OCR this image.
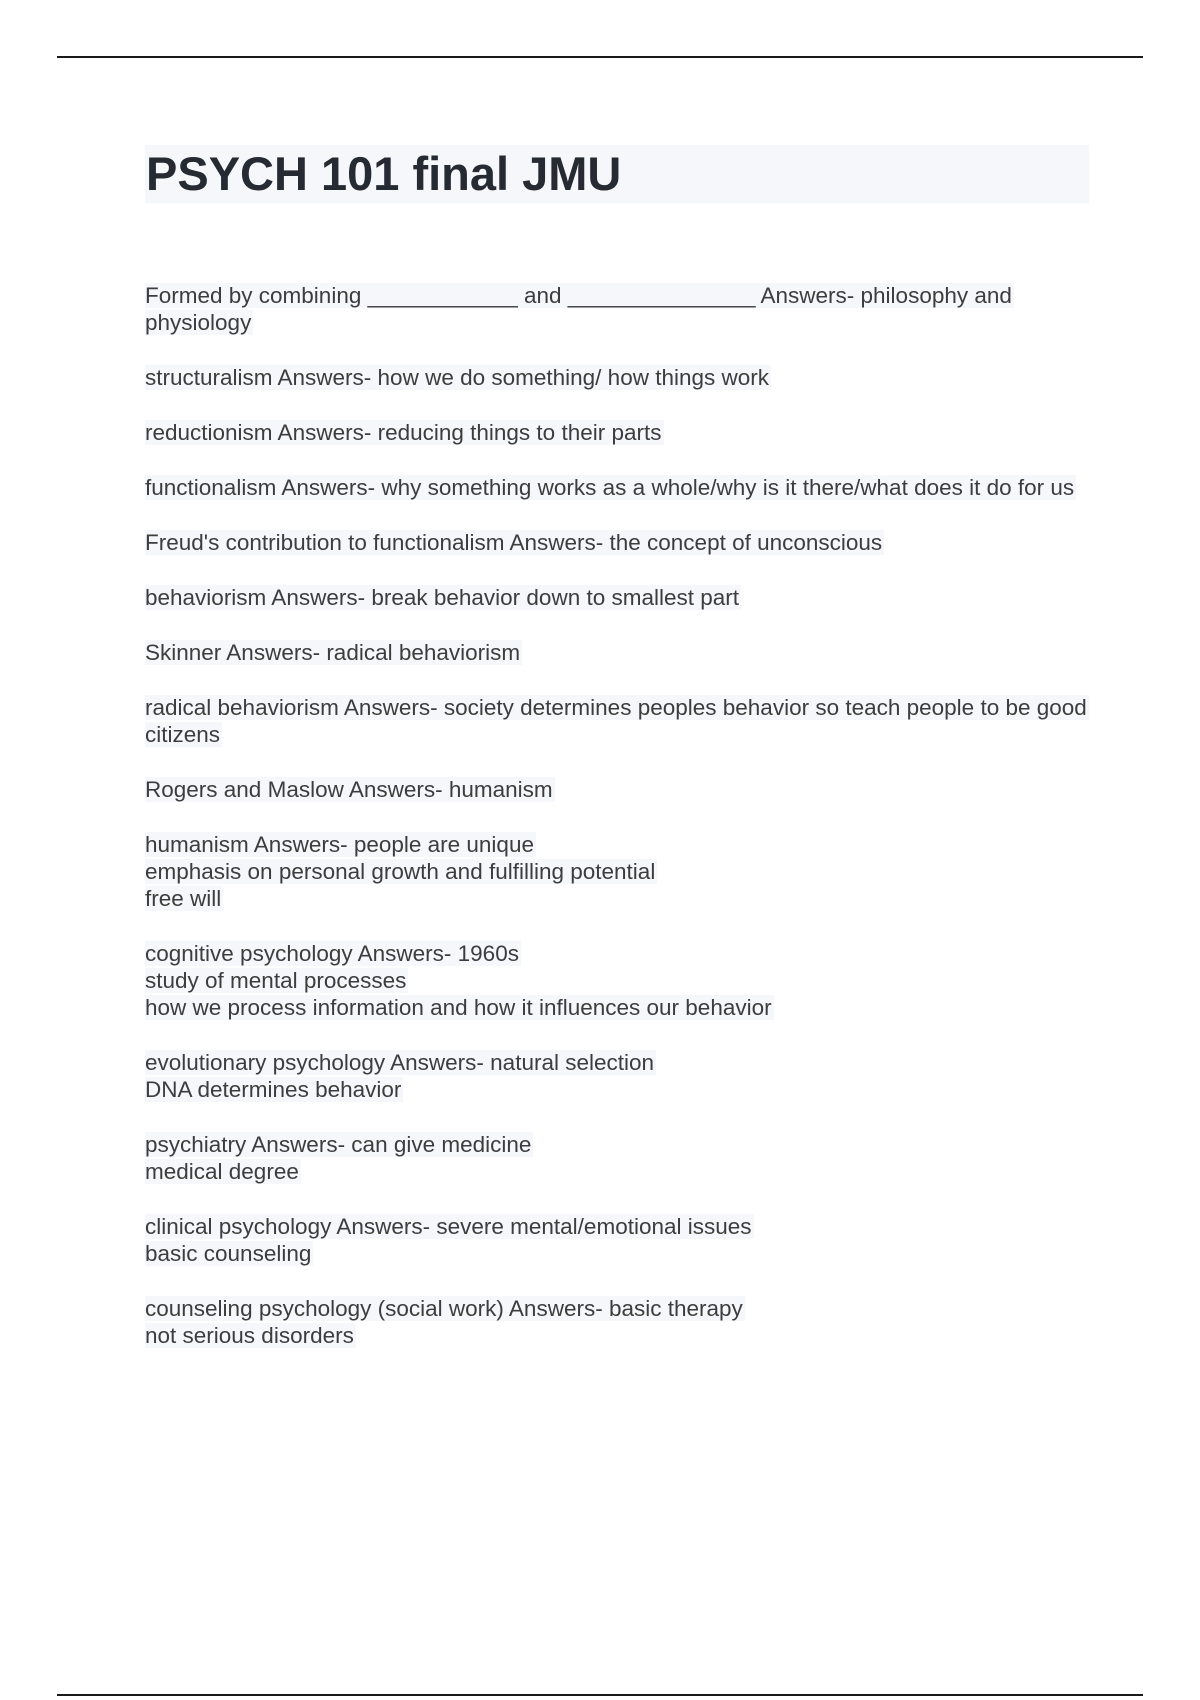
PSYCH 101 final JMU
Formed by combining ____________ and _______________ Answers- philosophy and physiology
structuralism Answers- how we do something/ how things work
reductionism Answers- reducing things to their parts
functionalism Answers- why something works as a whole/why is it there/what does it do for us
Freud's contribution to functionalism Answers- the concept of unconscious
behaviorism Answers- break behavior down to smallest part
Skinner Answers- radical behaviorism
radical behaviorism Answers- society determines peoples behavior so teach people to be good citizens
Rogers and Maslow Answers- humanism
humanism Answers- people are unique
emphasis on personal growth and fulfilling potential
free will
cognitive psychology Answers- 1960s
study of mental processes
how we process information and how it influences our behavior
evolutionary psychology Answers- natural selection
DNA determines behavior
psychiatry Answers- can give medicine
medical degree
clinical psychology Answers- severe mental/emotional issues
basic counseling
counseling psychology (social work) Answers- basic therapy
not serious disorders
